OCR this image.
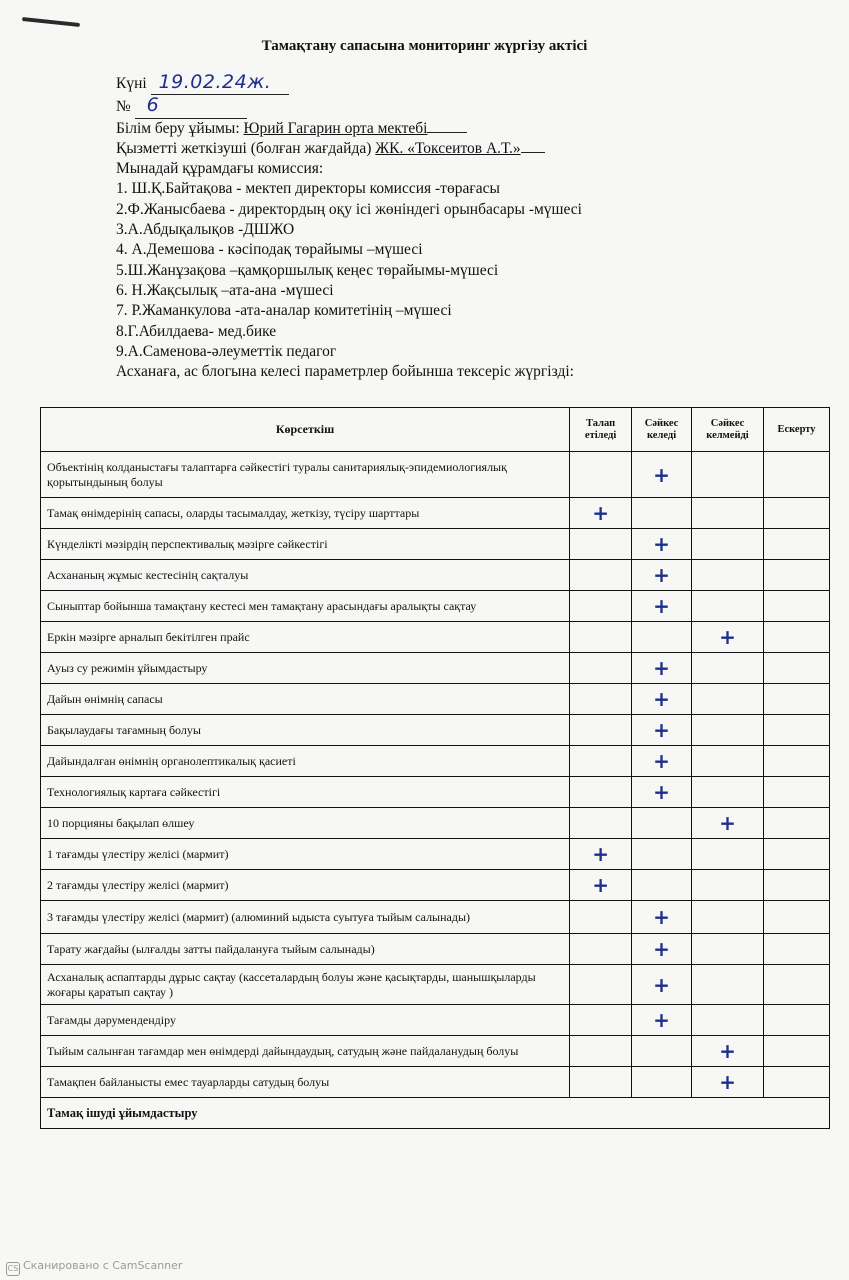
Тамақтану сапасына мониторинг жүргізу актісі
Күні 19.02.24ж.
№ 6
Білім беру ұйымы: Юрий Гагарин орта мектебі
Қызметті жеткізуші (болған жағдайда) ЖК. «Токсеитов А.Т.»
Мынадай құрамдағы комиссия:
1. Ш.Қ.Байтақова - мектеп директоры комиссия -төрағасы
2.Ф.Жанысбаева - директордың оқу ісі жөніндегі орынбасары -мүшесі
3.А.Абдықалықов -ДШЖО
4. А.Демешова - кәсіподақ төрайымы –мүшесі
5.Ш.Жанұзақова –қамқоршылық кеңес төрайымы-мүшесі
6. Н.Жақсылық –ата-ана -мүшесі
7. Р.Жаманкулова -ата-аналар комитетінің –мүшесі
8.Г.Абилдаева- мед.бике
9.А.Саменова-әлеуметтік педагог
Асханаға, ас блогына келесі параметрлер бойынша тексеріс жүргізді:
Көрсеткіш	Талап етіледі	Сәйкес келеді	Сәйкес келмейді	Ескерту
Объектінің колданыстағы талаптарға сәйкестігі туралы санитариялық-эпидемиологиялық қорытындының болуы		+		
Тамақ өнімдерінің сапасы, оларды тасымалдау, жеткізу, түсіру шарттары	+			
Күнделікті мәзірдің перспективалық мәзірге сәйкестігі		+		
Асхананың жұмыс кестесінің сақталуы		+		
Сыныптар бойынша тамақтану кестесі мен тамақтану арасындағы аралықты сақтау		+		
Еркін мәзірге арналып бекітілген прайс			+	
Ауыз су режимін ұйымдастыру		+		
Дайын өнімнің сапасы		+		
Бақылаудағы тағамның болуы		+		
Дайындалған өнімнің органолептикалық қасиеті		+		
Технологиялық картаға сәйкестігі		+		
10 порцияны бақылап өлшеу			+	
1 тағамды үлестіру желісі (мармит)	+			
2 тағамды үлестіру желісі (мармит)	+			
3 тағамды үлестіру желісі (мармит) (алюминий ыдыста суытуға тыйым салынады)		+		
Тарату жағдайы (ылғалды затты пайдалануға тыйым салынады)		+		
Асханалық аспаптарды дұрыс сақтау (кассеталардың болуы және қасықтарды, шанышқыларды жоғары қаратып сақтау )		+		
Тағамды дәрумендендіру		+		
Тыйым салынған тағамдар мен өнімдерді дайындаудың, сатудың және пайдаланудың болуы			+	
Тамақпен байланысты емес тауарларды сатудың болуы			+	
Тамақ ішуді ұйымдастыру				
CS Сканировано с CamScanner
